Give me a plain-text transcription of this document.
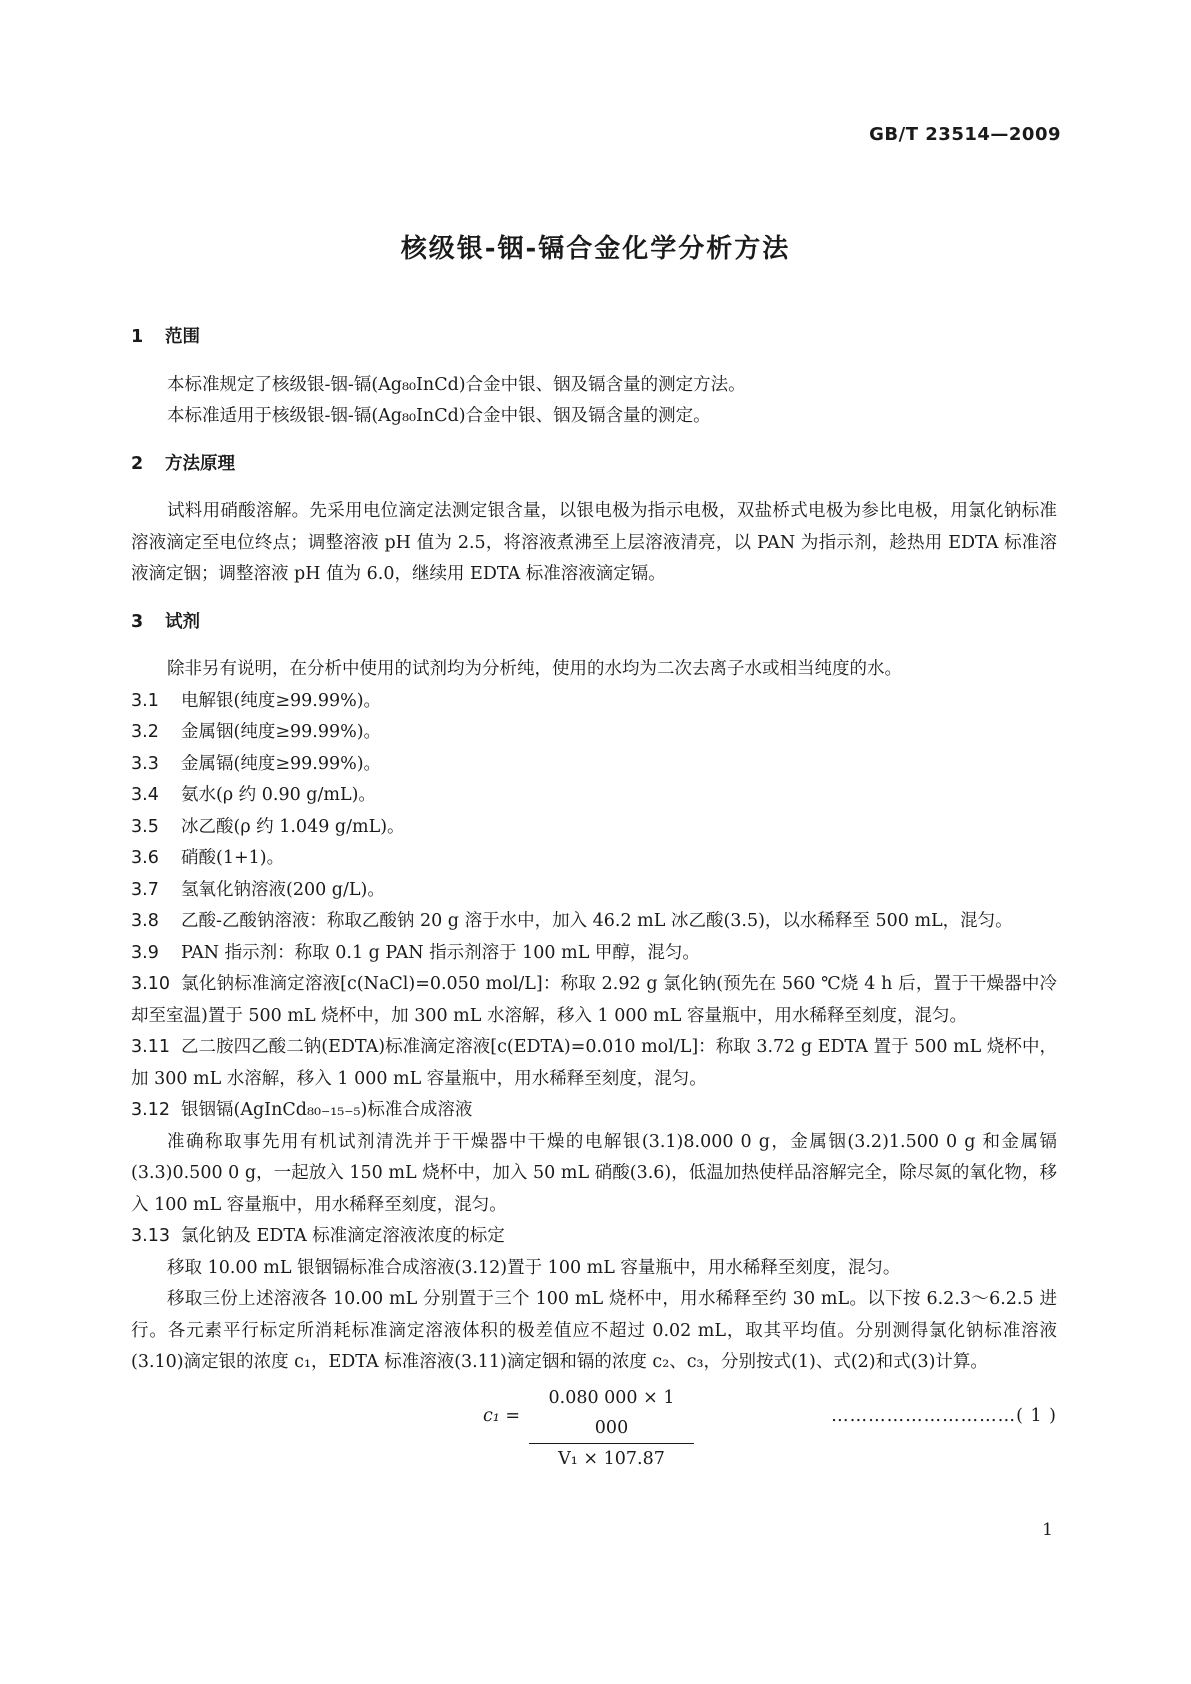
GB/T 23514—2009
核级银-铟-镉合金化学分析方法
1 范围

本标准规定了核级银-铟-镉(Ag₈₀InCd)合金中银、铟及镉含量的测定方法。

本标准适用于核级银-铟-镉(Ag₈₀InCd)合金中银、铟及镉含量的测定。

2 方法原理

试料用硝酸溶解。先采用电位滴定法测定银含量，以银电极为指示电极，双盐桥式电极为参比电极，用氯化钠标准溶液滴定至电位终点；调整溶液 pH 值为 2.5，将溶液煮沸至上层溶液清亮，以 PAN 为指示剂，趁热用 EDTA 标准溶液滴定铟；调整溶液 pH 值为 6.0，继续用 EDTA 标准溶液滴定镉。

3 试剂

除非另有说明，在分析中使用的试剂均为分析纯，使用的水均为二次去离子水或相当纯度的水。

3.1 电解银(纯度≥99.99%)。

3.2 金属铟(纯度≥99.99%)。

3.3 金属镉(纯度≥99.99%)。

3.4 氨水(ρ 约 0.90 g/mL)。

3.5 冰乙酸(ρ 约 1.049 g/mL)。

3.6 硝酸(1+1)。

3.7 氢氧化钠溶液(200 g/L)。

3.8 乙酸-乙酸钠溶液：称取乙酸钠 20 g 溶于水中，加入 46.2 mL 冰乙酸(3.5)，以水稀释至 500 mL，混匀。

3.9 PAN 指示剂：称取 0.1 g PAN 指示剂溶于 100 mL 甲醇，混匀。

3.10 氯化钠标准滴定溶液[c(NaCl)=0.050 mol/L]：称取 2.92 g 氯化钠(预先在 560 ℃烧 4 h 后，置于干燥器中冷却至室温)置于 500 mL 烧杯中，加 300 mL 水溶解，移入 1 000 mL 容量瓶中，用水稀释至刻度，混匀。

3.11 乙二胺四乙酸二钠(EDTA)标准滴定溶液[c(EDTA)=0.010 mol/L]：称取 3.72 g EDTA 置于 500 mL 烧杯中，加 300 mL 水溶解，移入 1 000 mL 容量瓶中，用水稀释至刻度，混匀。

3.12 银铟镉(AgInCd₈₀₋₁₅₋₅)标准合成溶液

准确称取事先用有机试剂清洗并于干燥器中干燥的电解银(3.1)8.000 0 g，金属铟(3.2)1.500 0 g 和金属镉(3.3)0.500 0 g，一起放入 150 mL 烧杯中，加入 50 mL 硝酸(3.6)，低温加热使样品溶解完全，除尽氮的氧化物，移入 100 mL 容量瓶中，用水稀释至刻度，混匀。

3.13 氯化钠及 EDTA 标准滴定溶液浓度的标定

移取 10.00 mL 银铟镉标准合成溶液(3.12)置于 100 mL 容量瓶中，用水稀释至刻度，混匀。

移取三份上述溶液各 10.00 mL 分别置于三个 100 mL 烧杯中，用水稀释至约 30 mL。以下按 6.2.3～6.2.5 进行。各元素平行标定所消耗标准滴定溶液体积的极差值应不超过 0.02 mL，取其平均值。分别测得氯化钠标准溶液(3.10)滴定银的浓度 c₁，EDTA 标准溶液(3.11)滴定铟和镉的浓度 c₂、c₃，分别按式(1)、式(2)和式(3)计算。

$c_1 = \frac{0.080 000 \times 1 000}{\text{V₁ × 107.87}}$	…………………………( 1 )
1
